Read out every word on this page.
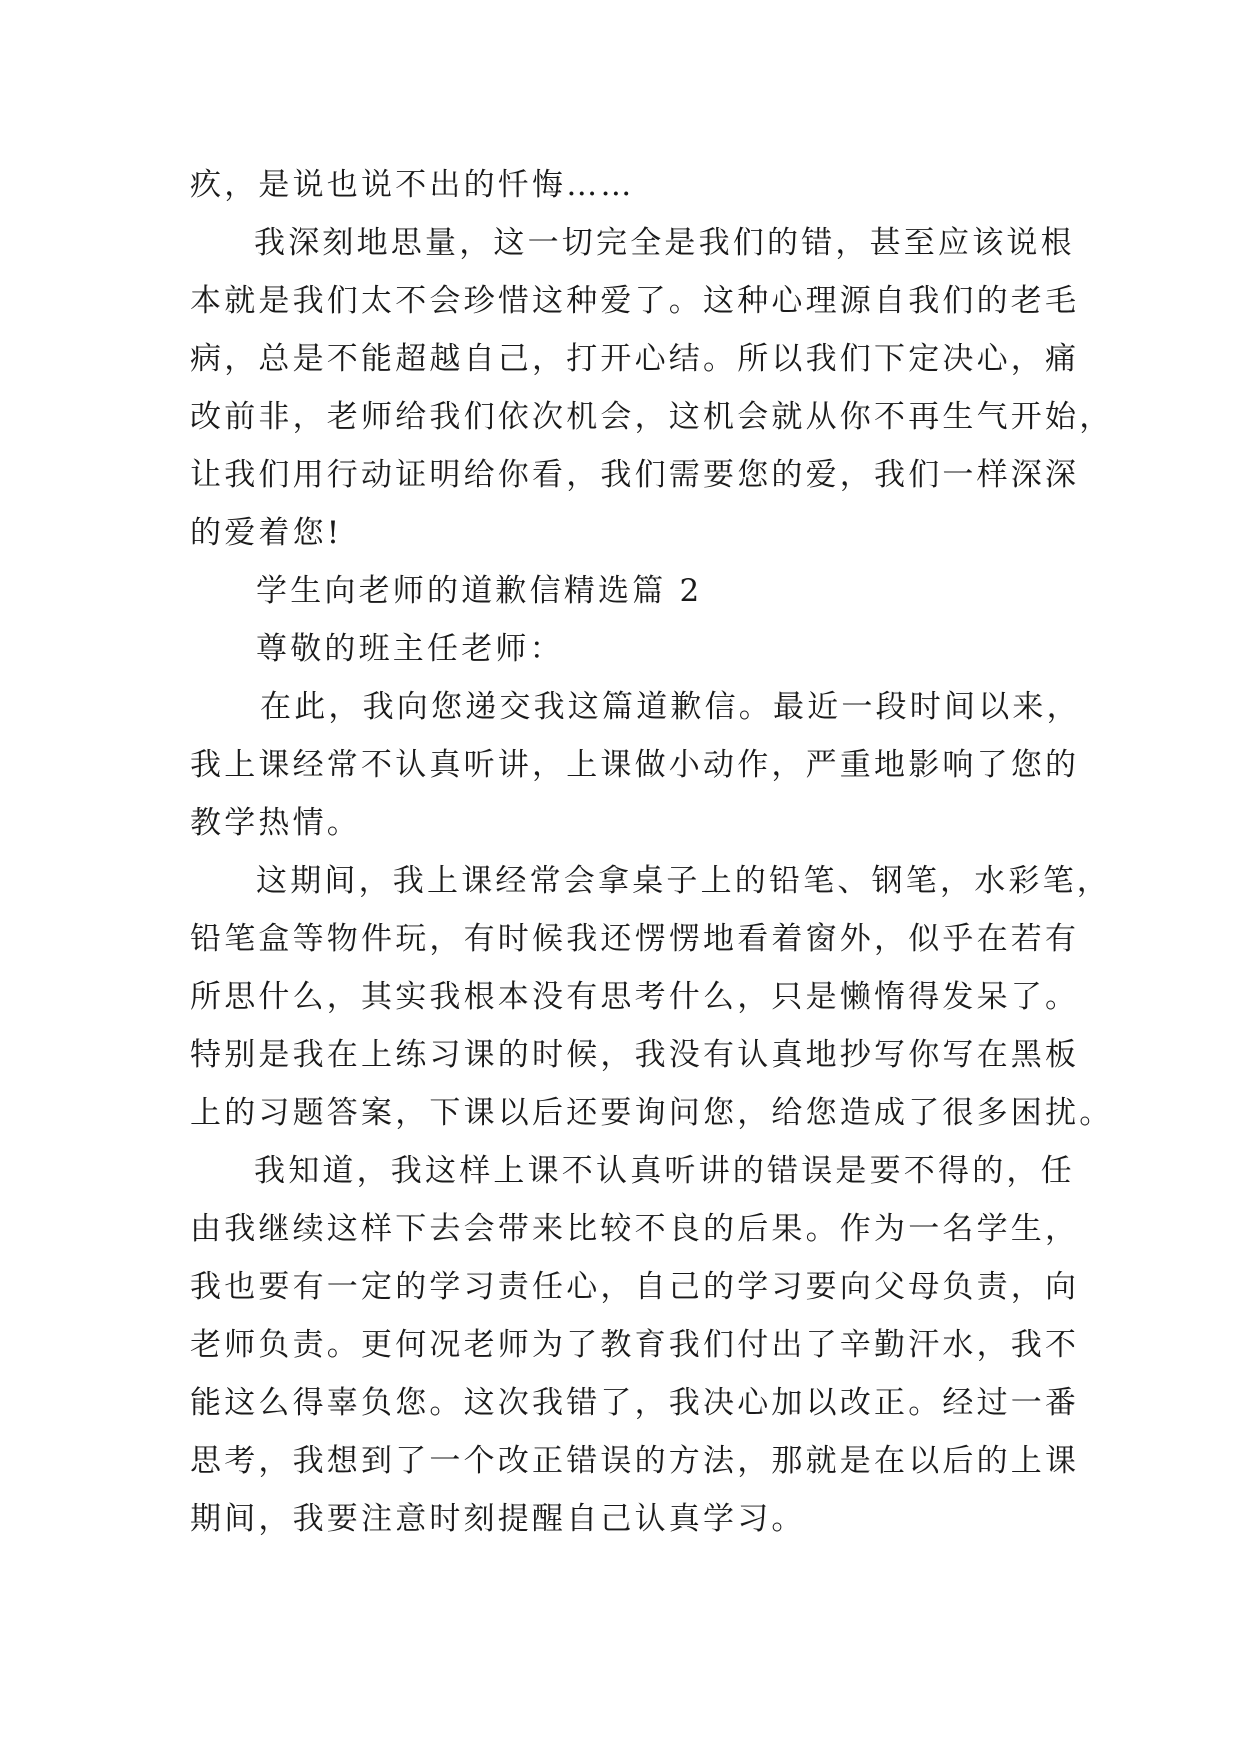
疚，是说也说不出的忏悔……
我深刻地思量，这一切完全是我们的错，甚至应该说根
本就是我们太不会珍惜这种爱了。这种心理源自我们的老毛
病，总是不能超越自己，打开心结。所以我们下定决心，痛
改前非，老师给我们依次机会，这机会就从你不再生气开始，
让我们用行动证明给你看，我们需要您的爱，我们一样深深
的爱着您!
学生向老师的道歉信精选篇 2
尊敬的班主任老师：
在此，我向您递交我这篇道歉信。最近一段时间以来，
我上课经常不认真听讲，上课做小动作，严重地影响了您的
教学热情。
这期间，我上课经常会拿桌子上的铅笔、钢笔，水彩笔，
铅笔盒等物件玩，有时候我还愣愣地看着窗外，似乎在若有
所思什么，其实我根本没有思考什么，只是懒惰得发呆了。
特别是我在上练习课的时候，我没有认真地抄写你写在黑板
上的习题答案，下课以后还要询问您，给您造成了很多困扰。
我知道，我这样上课不认真听讲的错误是要不得的，任
由我继续这样下去会带来比较不良的后果。作为一名学生，
我也要有一定的学习责任心，自己的学习要向父母负责，向
老师负责。更何况老师为了教育我们付出了辛勤汗水，我不
能这么得辜负您。这次我错了，我决心加以改正。经过一番
思考，我想到了一个改正错误的方法，那就是在以后的上课
期间，我要注意时刻提醒自己认真学习。
